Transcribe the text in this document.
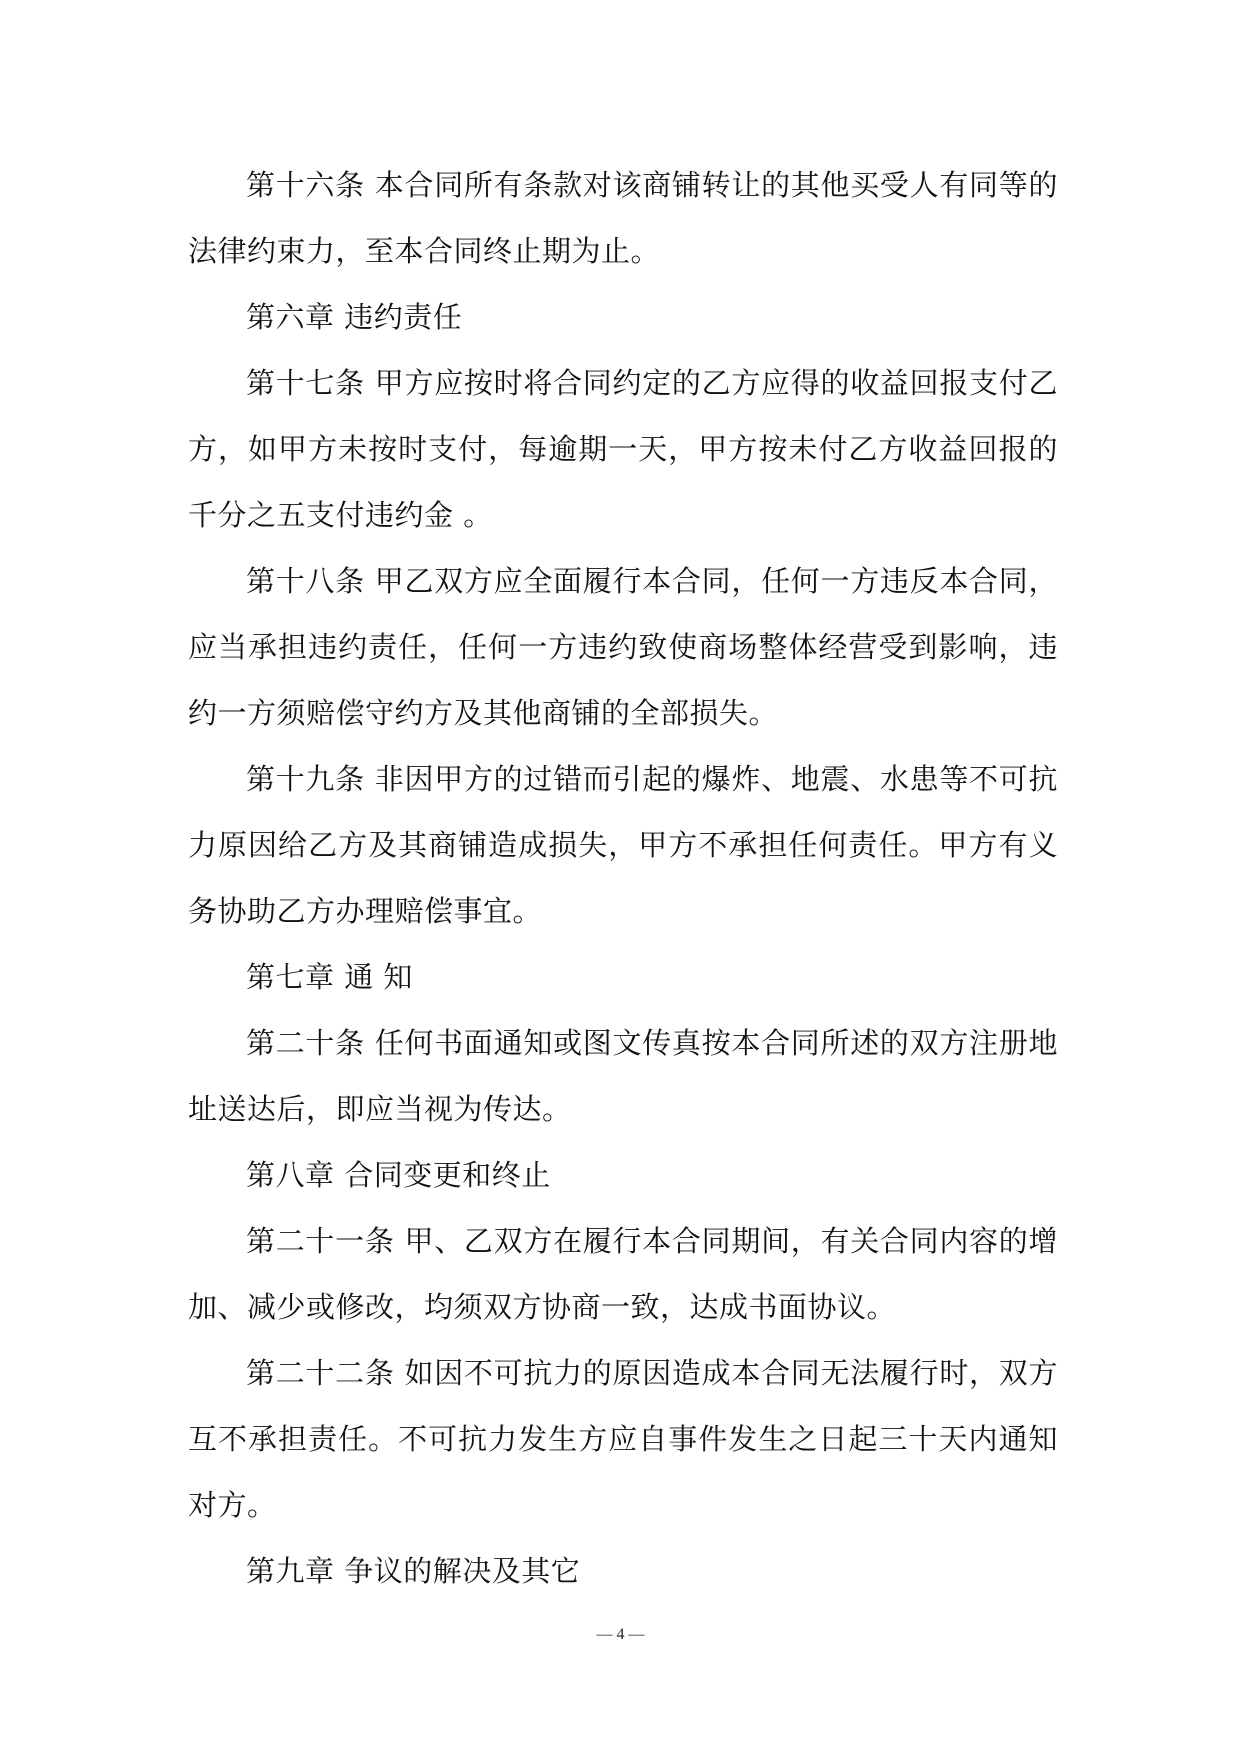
第十六条 本合同所有条款对该商铺转让的其他买受人有同等的法律约束力，至本合同终止期为止。

第六章 违约责任

第十七条 甲方应按时将合同约定的乙方应得的收益回报支付乙方，如甲方未按时支付，每逾期一天，甲方按未付乙方收益回报的千分之五支付违约金 。

第十八条 甲乙双方应全面履行本合同，任何一方违反本合同，应当承担违约责任，任何一方违约致使商场整体经营受到影响，违约一方须赔偿守约方及其他商铺的全部损失。

第十九条 非因甲方的过错而引起的爆炸、地震、水患等不可抗力原因给乙方及其商铺造成损失，甲方不承担任何责任。甲方有义务协助乙方办理赔偿事宜。

第七章 通 知

第二十条 任何书面通知或图文传真按本合同所述的双方注册地址送达后，即应当视为传达。

第八章 合同变更和终止

第二十一条 甲、乙双方在履行本合同期间，有关合同内容的增加、减少或修改，均须双方协商一致，达成书面协议。

第二十二条 如因不可抗力的原因造成本合同无法履行时，双方互不承担责任。不可抗力发生方应自事件发生之日起三十天内通知对方。

第九章 争议的解决及其它

— 4 —
